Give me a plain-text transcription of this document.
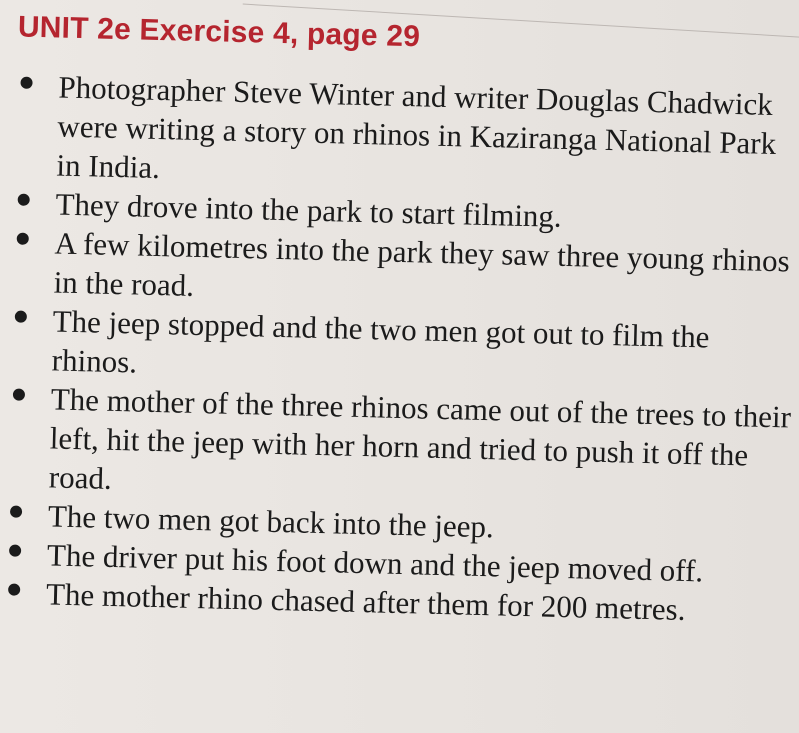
UNIT 2e Exercise 4, page 29
Photographer Steve Winter and writer Douglas Chadwick were writing a story on rhinos in Kaziranga National Park in India.
They drove into the park to start filming.
A few kilometres into the park they saw three young rhinos in the road.
The jeep stopped and the two men got out to film the rhinos.
The mother of the three rhinos came out of the trees to their left, hit the jeep with her horn and tried to push it off the road.
The two men got back into the jeep.
The driver put his foot down and the jeep moved off.
The mother rhino chased after them for 200 metres.
